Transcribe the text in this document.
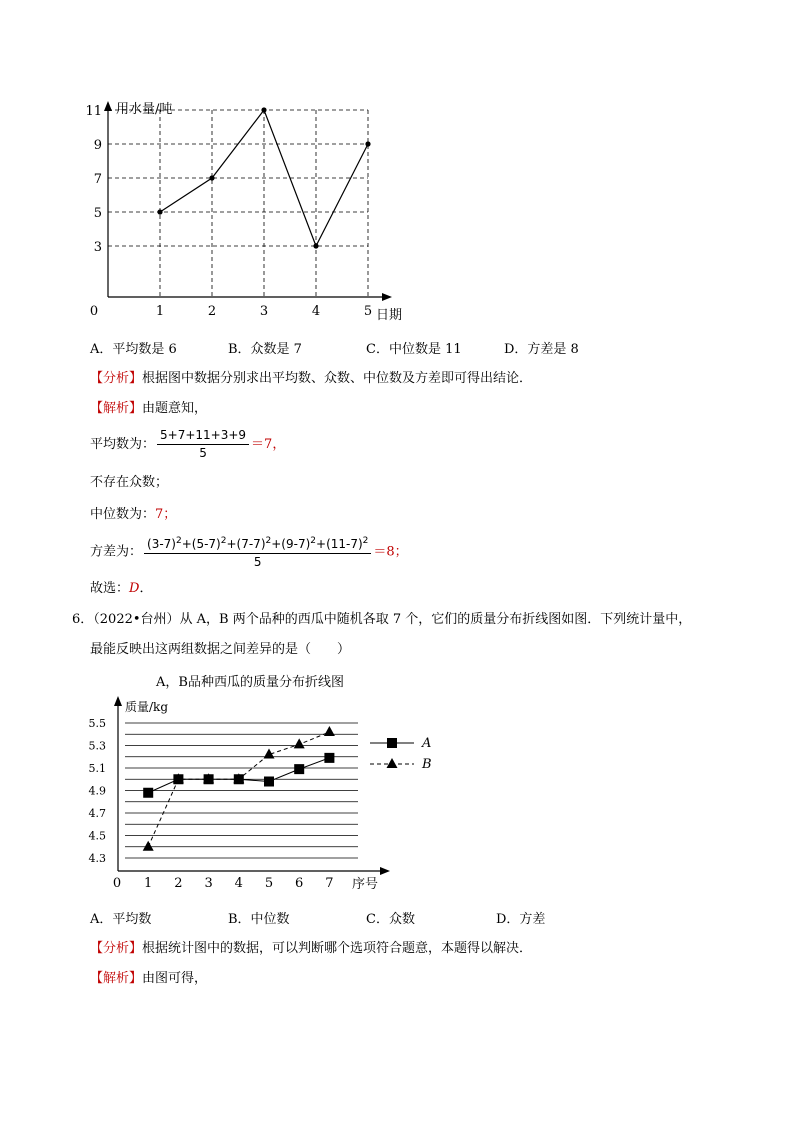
3
5
7
9
11
1	2	3	4	5
0
用水量/吨
日期
A．平均数是 6	B．众数是 7	C．中位数是 11	D．方差是 8
【分析】根据图中数据分别求出平均数、众数、中位数及方差即可得出结论．
【解析】由题意知，
平均数为： $\frac{5+7+11+3+9}{5} =7$，
不存在众数；
中位数为：7；
方差为： $\frac{(3-7)^2+(5-7)^2+(7-7)^2+(9-7)^2+(11-7)^2}{5} =8$；
故选：D．
6．（2022•台州）从 A，B 两个品种的西瓜中随机各取 7 个，它们的质量分布折线图如图．下列统计量中，
最能反映出这两组数据之间差异的是（　　）
A，B品种西瓜的质量分布折线图
5.5
5.3
5.1
4.9
4.7
4.5
4.3
1 2 3 4 5 6 7
0
质量/kg
序号
A
B
A．平均数	B．中位数	C．众数	D．方差
【分析】根据统计图中的数据，可以判断哪个选项符合题意，本题得以解决．
【解析】由图可得，
